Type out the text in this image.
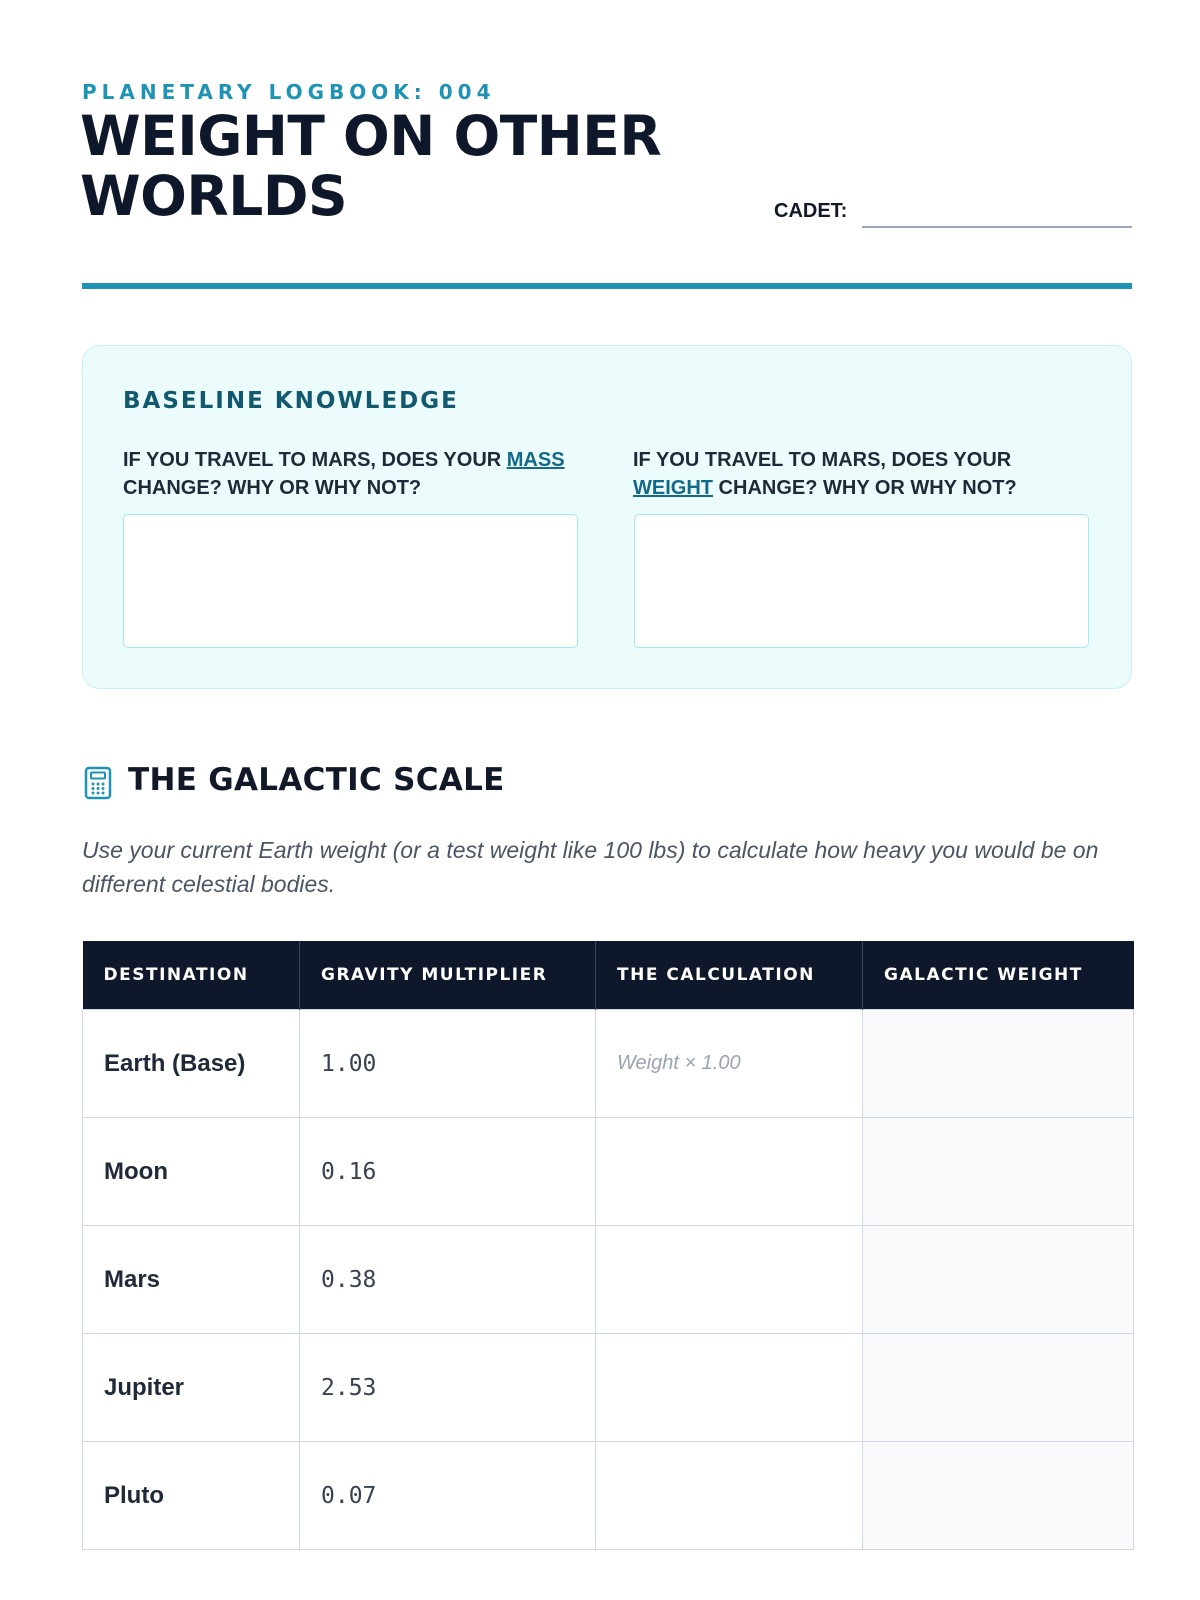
PLANETARY LOGBOOK: 004
WEIGHT ON OTHER
WORLDS	CADET:
BASELINE KNOWLEDGE
IF YOU TRAVEL TO MARS, DOES YOUR MASS CHANGE? WHY OR WHY NOT?
IF YOU TRAVEL TO MARS, DOES YOUR WEIGHT CHANGE? WHY OR WHY NOT?
THE GALACTIC SCALE

Use your current Earth weight (or a test weight like 100 lbs) to calculate how heavy you would be on different celestial bodies.

DESTINATION	GRAVITY MULTIPLIER	THE CALCULATION	GALACTIC WEIGHT
Earth (Base)	1.00	Weight × 1.00	
Moon	0.16		
Mars	0.38		
Jupiter	2.53		
Pluto	0.07		
